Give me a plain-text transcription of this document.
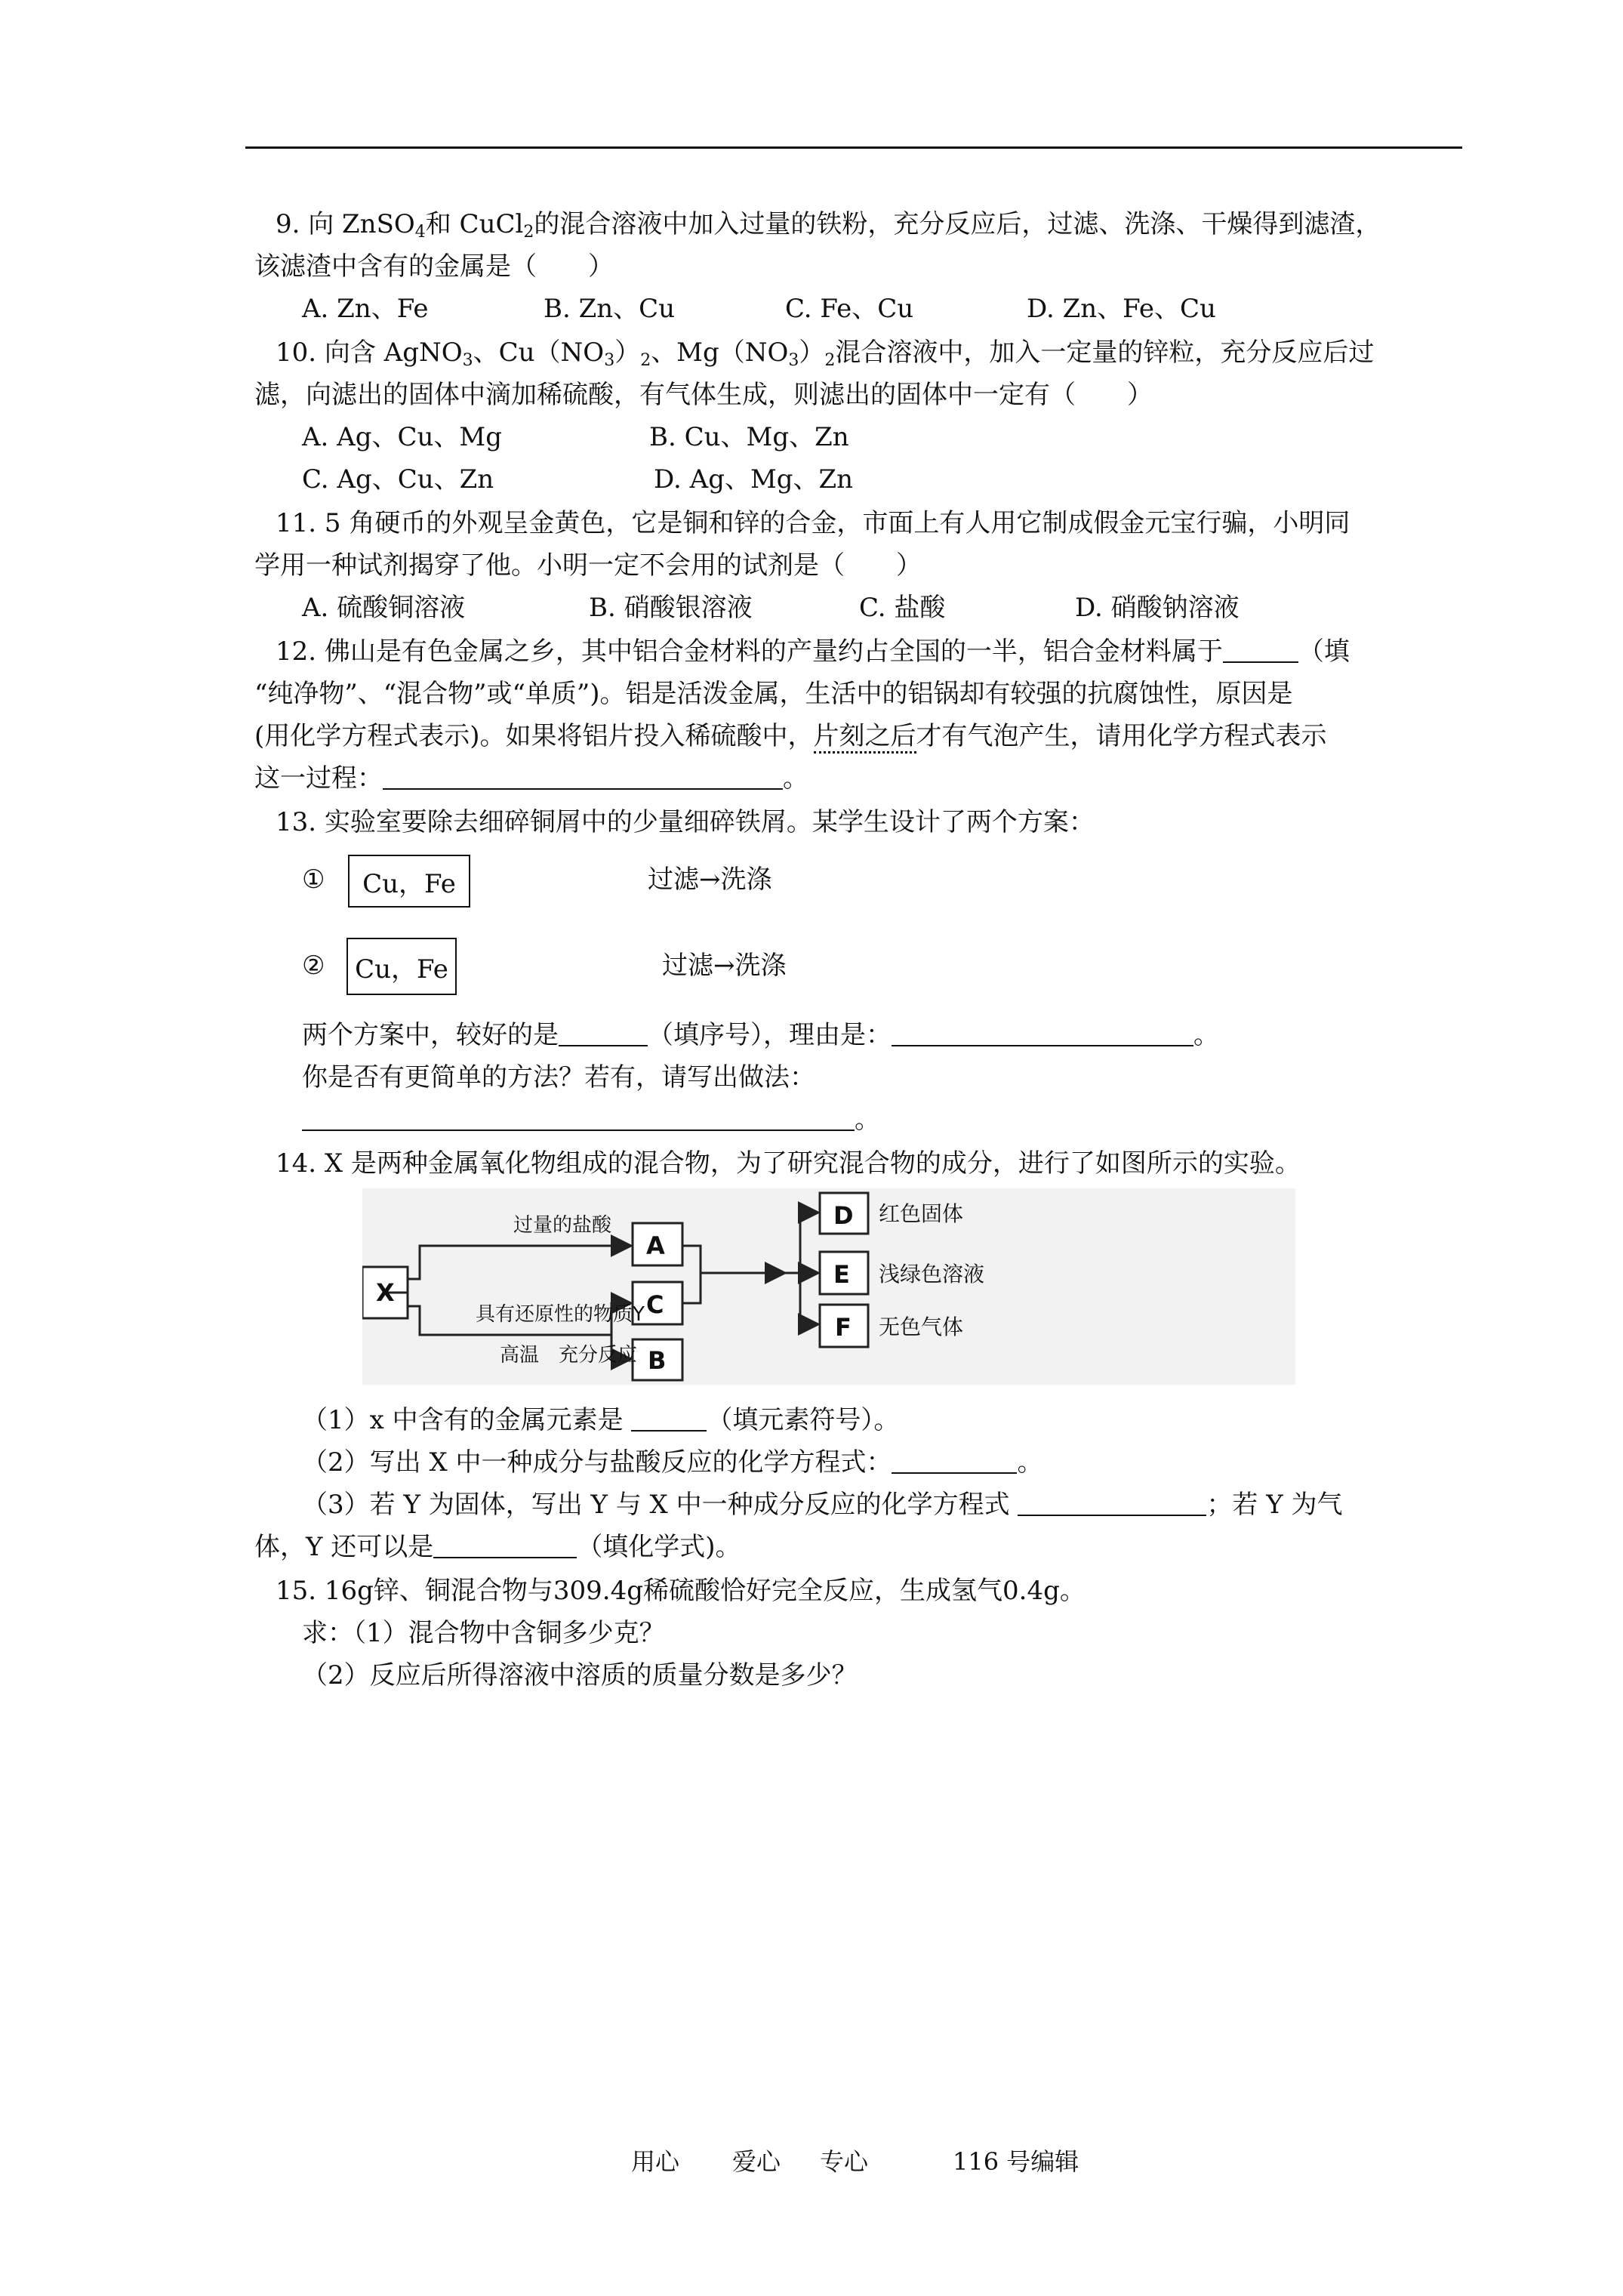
9. 向 ZnSO$_4$和 CuCl$_2$的混合溶液中加入过量的铁粉，充分反应后，过滤、洗涤、干燥得到滤渣，
该滤渣中含有的金属是（　　）
A. Zn、Fe	B. Zn、Cu	C. Fe、Cu	D. Zn、Fe、Cu
10. 向含 AgNO$_3$、$Cu(NO_3)_2$、$Mg(NO_3)_2$混合溶液中，加入一定量的锌粒，充分反应后过
滤，向滤出的固体中滴加稀硫酸，有气体生成，则滤出的固体中一定有（　　）
A. Ag、Cu、Mg	B. Cu、Mg、Zn
C. Ag、Cu、Zn	D. Ag、Mg、Zn
11. 5 角硬币的外观呈金黄色，它是铜和锌的合金，市面上有人用它制成假金元宝行骗，小明同
学用一种试剂揭穿了他。小明一定不会用的试剂是（　　）
A. 硫酸铜溶液	B. 硝酸银溶液	C. 盐酸	D. 硝酸钠溶液
12. 佛山是有色金属之乡，其中铝合金材料的产量约占全国的一半，铝合金材料属于	（填
“纯净物”、“混合物”或“单质”)。铝是活泼金属，生活中的铝锅却有较强的抗腐蚀性，原因是
(用化学方程式表示)。如果将铝片投入稀硫酸中，片刻之后才有气泡产生，请用化学方程式表示
这一过程：	。
13. 实验室要除去细碎铜屑中的少量细碎铁屑。某学生设计了两个方案：
①	Cu，Fe	过滤→洗涤
②	Cu，Fe	过滤→洗涤
两个方案中，较好的是	（填序号），理由是：	。
你是否有更简单的方法？若有，请写出做法：
。
14. X 是两种金属氧化物组成的混合物，为了研究混合物的成分，进行了如图所示的实验。
X
A
C
B
D
E
F
过量的盐酸
具有还原性的物质Y
高温　充分反应
红色固体
浅绿色溶液
无色气体
（1）x 中含有的金属元素是	（填元素符号）。
（2）写出 X 中一种成分与盐酸反应的化学方程式：	。
（3）若 Y 为固体，写出 Y 与 X 中一种成分反应的化学方程式	；若 Y 为气
体，Y 还可以是	（填化学式)。
15. 16g锌、铜混合物与309.4g稀硫酸恰好完全反应，生成氢气0.4g。
求：（1）混合物中含铜多少克？
（2）反应后所得溶液中溶质的质量分数是多少？
用心 爱心 专心	116 号编辑
